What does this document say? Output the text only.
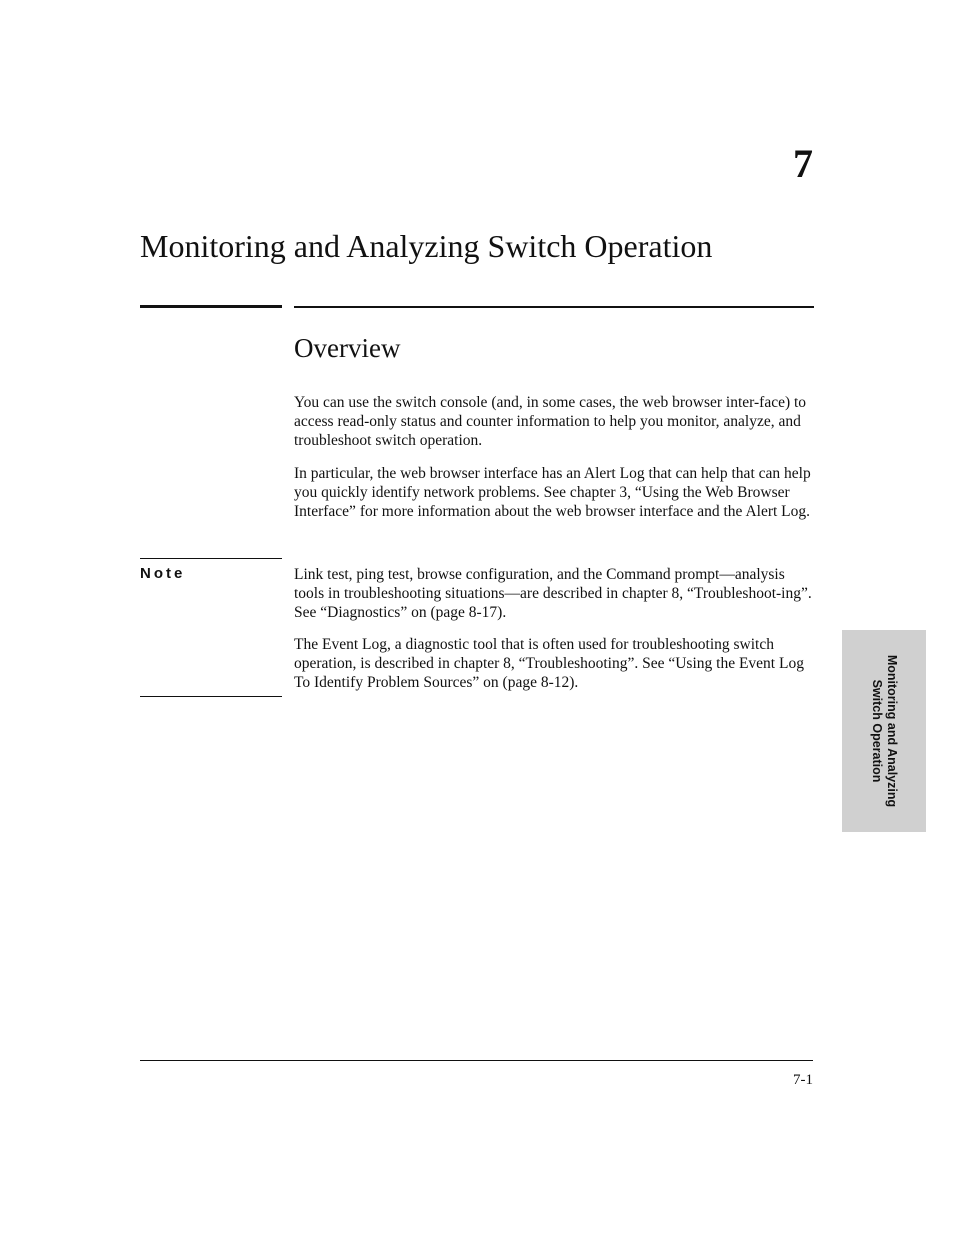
7
Monitoring and Analyzing Switch Operation
Overview

You can use the switch console (and, in some cases, the web browser inter-face) to access read-only status and counter information to help you monitor, analyze, and troubleshoot switch operation.

In particular, the web browser interface has an Alert Log that can help that can help you quickly identify network problems. See chapter 3, “Using the Web Browser Interface” for more information about the web browser interface and the Alert Log.

Note	Link test, ping test, browse configuration, and the Command prompt—analysis tools in troubleshooting situations—are described in chapter 8, “Troubleshoot-ing”. See “Diagnostics” on (page 8-17).

The Event Log, a diagnostic tool that is often used for troubleshooting switch operation, is described in chapter 8, “Troubleshooting”. See “Using the Event Log To Identify Problem Sources” on (page 8-12).	Monitoring and Analyzing
Switch Operation
7-1
